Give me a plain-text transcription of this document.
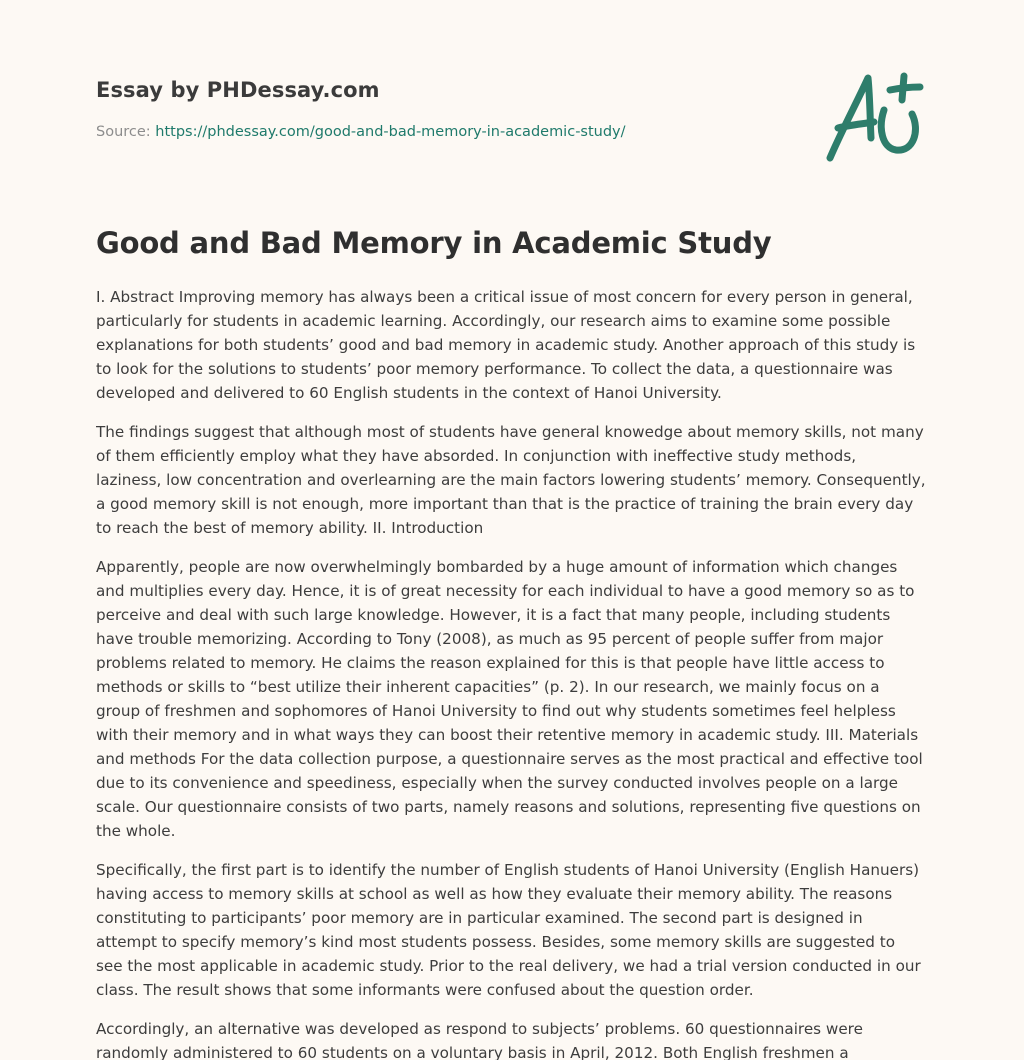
Essay by PHDessay.com
Source: https://phdessay.com/good-and-bad-memory-in-academic-study/
Good and Bad Memory in Academic Study

I. Abstract Improving memory has always been a critical issue of most concern for every person in general, particularly for students in academic learning. Accordingly, our research aims to examine some possible explanations for both students’ good and bad memory in academic study. Another approach of this study is to look for the solutions to students’ poor memory performance. To collect the data, a questionnaire was developed and delivered to 60 English students in the context of Hanoi University.

The findings suggest that although most of students have general knowedge about memory skills, not many of them efficiently employ what they have absorded. In conjunction with ineffective study methods, laziness, low concentration and overlearning are the main factors lowering students’ memory. Consequently, a good memory skill is not enough, more important than that is the practice of training the brain every day to reach the best of memory ability. II. Introduction

Apparently, people are now overwhelmingly bombarded by a huge amount of information which changes and multiplies every day. Hence, it is of great necessity for each individual to have a good memory so as to perceive and deal with such large knowledge. However, it is a fact that many people, including students have trouble memorizing. According to Tony (2008), as much as 95 percent of people suffer from major problems related to memory. He claims the reason explained for this is that people have little access to methods or skills to “best utilize their inherent capacities” (p. 2). In our research, we mainly focus on a group of freshmen and sophomores of Hanoi University to find out why students sometimes feel helpless with their memory and in what ways they can boost their retentive memory in academic study. III. Materials and methods For the data collection purpose, a questionnaire serves as the most practical and effective tool due to its convenience and speediness, especially when the survey conducted involves people on a large scale. Our questionnaire consists of two parts, namely reasons and solutions, representing five questions on the whole.

Specifically, the first part is to identify the number of English students of Hanoi University (English Hanuers) having access to memory skills at school as well as how they evaluate their memory ability. The reasons constituting to participants’ poor memory are in particular examined. The second part is designed in attempt to specify memory’s kind most students possess. Besides, some memory skills are suggested to see the most applicable in academic study. Prior to the real delivery, we had a trial version conducted in our class. The result shows that some informants were confused about the question order.

Accordingly, an alternative was developed as respond to subjects’ problems. 60 questionnaires were randomly administered to 60 students on a voluntary basis in April, 2012. Both English freshmen a
